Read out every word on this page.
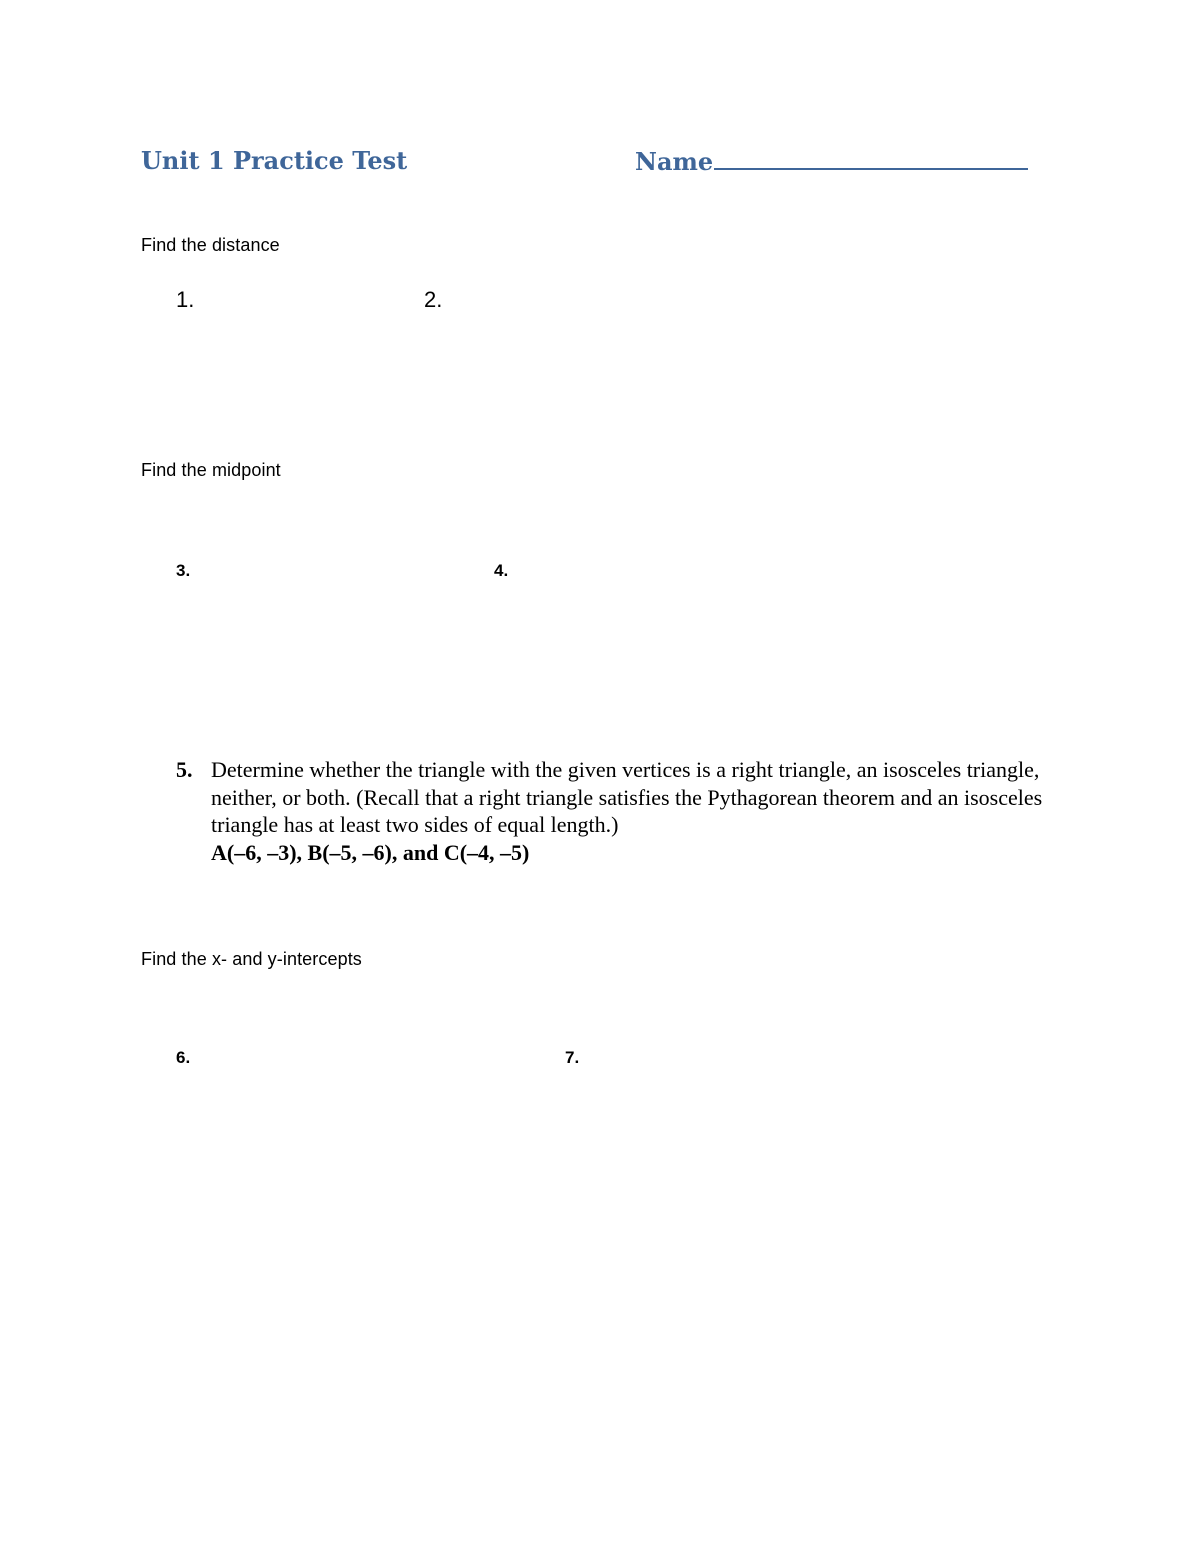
Unit 1 Practice Test	Name
Find the distance
1.	2.
Find the midpoint
3.	4.
5. Determine whether the triangle with the given vertices is a right triangle, an isosceles triangle, neither, or both. (Recall that a right triangle satisfies the Pythagorean theorem and an isosceles triangle has at least two sides of equal length.)
A(–6, –3), B(–5, –6), and C(–4, –5)
Find the x- and y-intercepts
6.	7.
